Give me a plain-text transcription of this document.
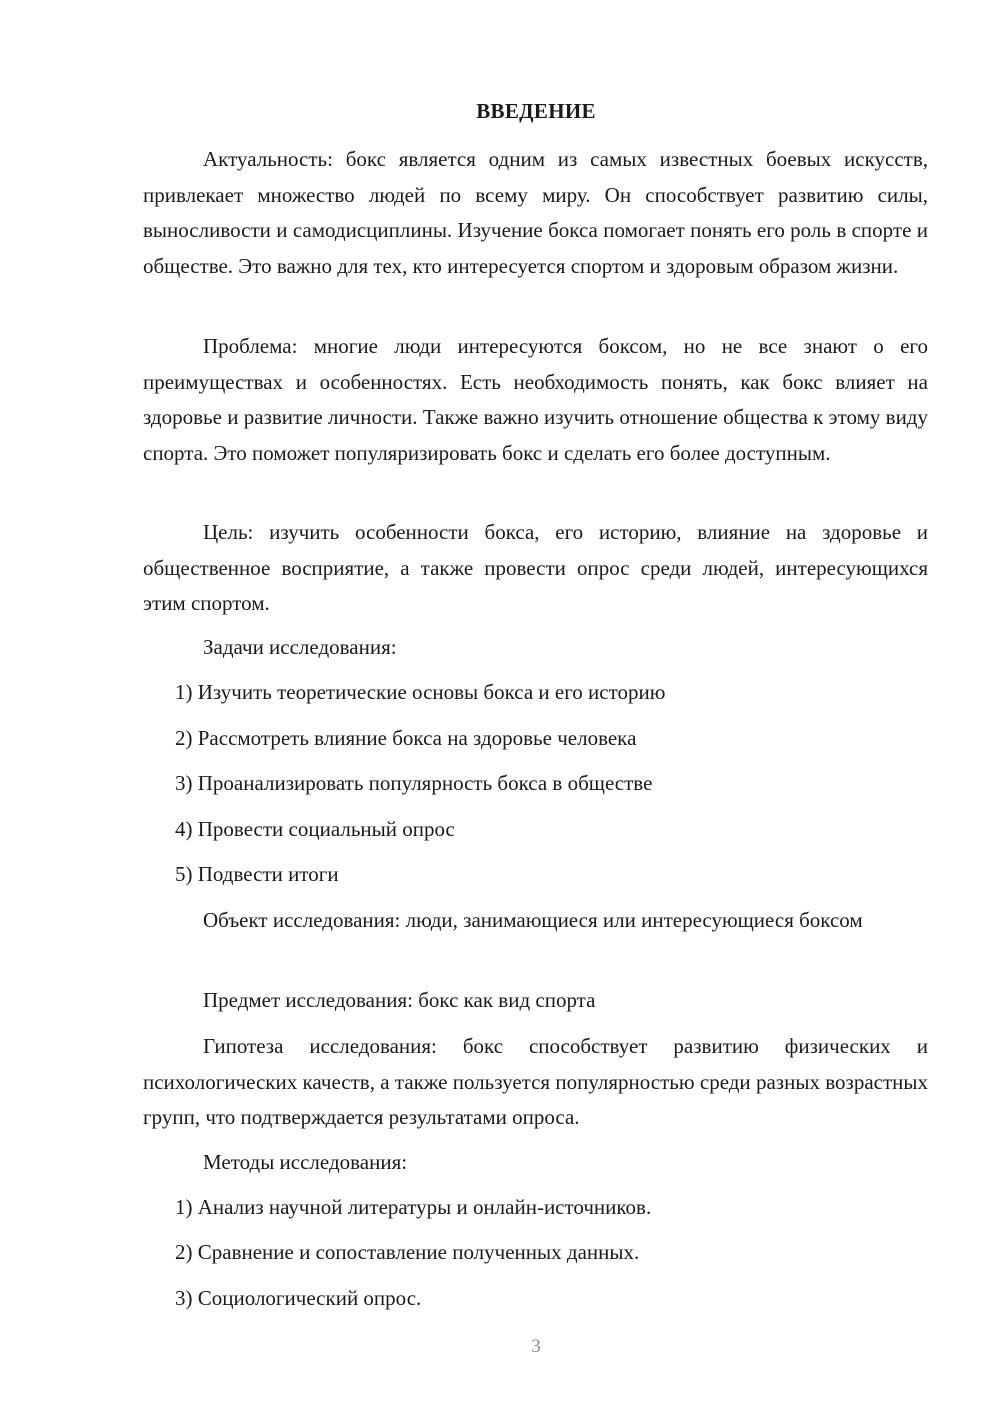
ВВЕДЕНИЕ

Актуальность: бокс является одним из самых известных боевых искусств, привлекает множество людей по всему миру. Он способствует развитию силы, выносливости и самодисциплины. Изучение бокса помогает понять его роль в спорте и обществе. Это важно для тех, кто интересуется спортом и здоровым образом жизни.

Проблема: многие люди интересуются боксом, но не все знают о его преимуществах и особенностях. Есть необходимость понять, как бокс влияет на здоровье и развитие личности. Также важно изучить отношение общества к этому виду спорта. Это поможет популяризировать бокс и сделать его более доступным.

Цель: изучить особенности бокса, его историю, влияние на здоровье и общественное восприятие, а также провести опрос среди людей, интересующихся этим спортом.

Задачи исследования:

1) Изучить теоретические основы бокса и его историю

2) Рассмотреть влияние бокса на здоровье человека

3) Проанализировать популярность бокса в обществе

4) Провести социальный опрос

5) Подвести итоги

Объект исследования: люди, занимающиеся или интересующиеся боксом

Предмет исследования: бокс как вид спорта

Гипотеза исследования: бокс способствует развитию физических и психологических качеств, а также пользуется популярностью среди разных возрастных групп, что подтверждается результатами опроса.

Методы исследования:

1) Анализ научной литературы и онлайн-источников.

2) Сравнение и сопоставление полученных данных.

3) Социологический опрос.

3
